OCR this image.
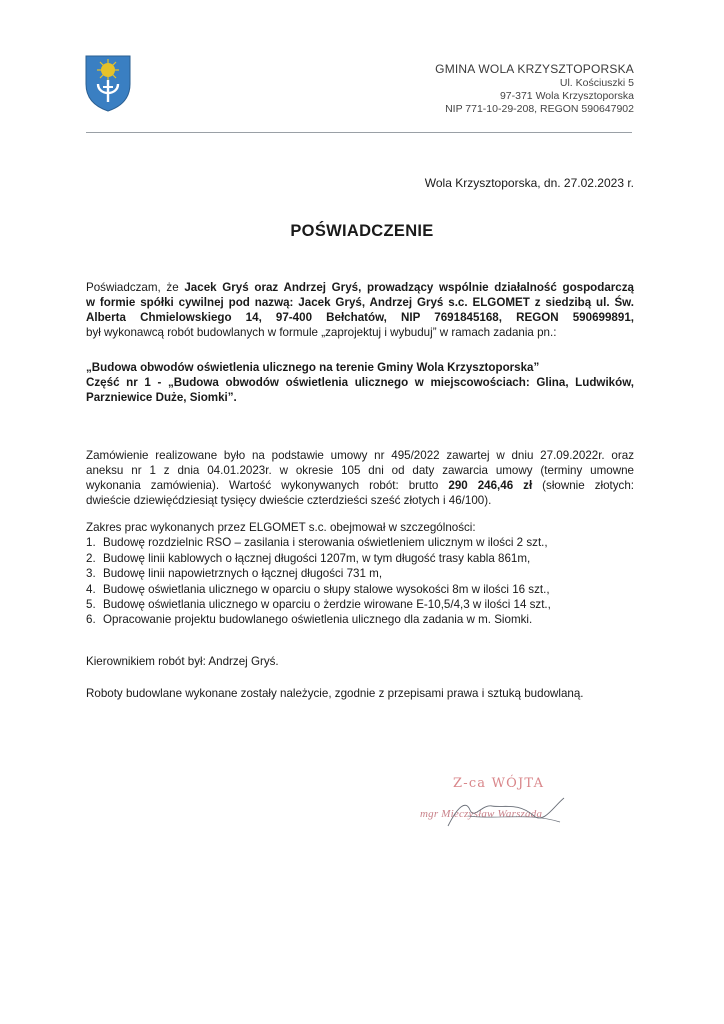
GMINA WOLA KRZYSZTOPORSKA
Ul. Kościuszki 5
97-371 Wola Krzysztoporska
NIP 771-10-29-208, REGON 590647902
Wola Krzysztoporska, dn. 27.02.2023 r.
POŚWIADCZENIE
Poświadczam, że Jacek Gryś oraz Andrzej Gryś, prowadzący wspólnie działalność gospodarczą
w formie spółki cywilnej pod nazwą: Jacek Gryś, Andrzej Gryś s.c. ELGOMET z siedzibą ul. Św.
Alberta Chmielowskiego 14, 97-400 Bełchatów, NIP 7691845168, REGON 590699891,
był wykonawcą robót budowlanych w formule „zaprojektuj i wybuduj” w ramach zadania pn.:
„Budowa obwodów oświetlenia ulicznego na terenie Gminy Wola Krzysztoporska”
Część nr 1 - „Budowa obwodów oświetlenia ulicznego w miejscowościach: Glina, Ludwików,
Parzniewice Duże, Siomki”.
Zamówienie realizowane było na podstawie umowy nr 495/2022 zawartej w dniu 27.09.2022r. oraz
aneksu nr 1 z dnia 04.01.2023r. w okresie 105 dni od daty zawarcia umowy (terminy umowne
wykonania zamówienia). Wartość wykonywanych robót: brutto 290 246,46 zł (słownie złotych:
dwieście dziewięćdziesiąt tysięcy dwieście czterdzieści sześć złotych i 46/100).
Zakres prac wykonanych przez ELGOMET s.c. obejmował w szczególności:
1. Budowę rozdzielnic RSO – zasilania i sterowania oświetleniem ulicznym w ilości 2 szt.,
2. Budowę linii kablowych o łącznej długości 1207m, w tym długość trasy kabla 861m,
3. Budowę linii napowietrznych o łącznej długości 731 m,
4. Budowę oświetlania ulicznego w oparciu o słupy stalowe wysokości 8m w ilości 16 szt.,
5. Budowę oświetlania ulicznego w oparciu o żerdzie wirowane E-10,5/4,3 w ilości 14 szt.,
6. Opracowanie projektu budowlanego oświetlenia ulicznego dla zadania w m. Siomki.
Kierownikiem robót był: Andrzej Gryś.
Roboty budowlane wykonane zostały należycie, zgodnie z przepisami prawa i sztuką budowlaną.
Z-ca WÓJTA
mgr Mieczysław Warszada
